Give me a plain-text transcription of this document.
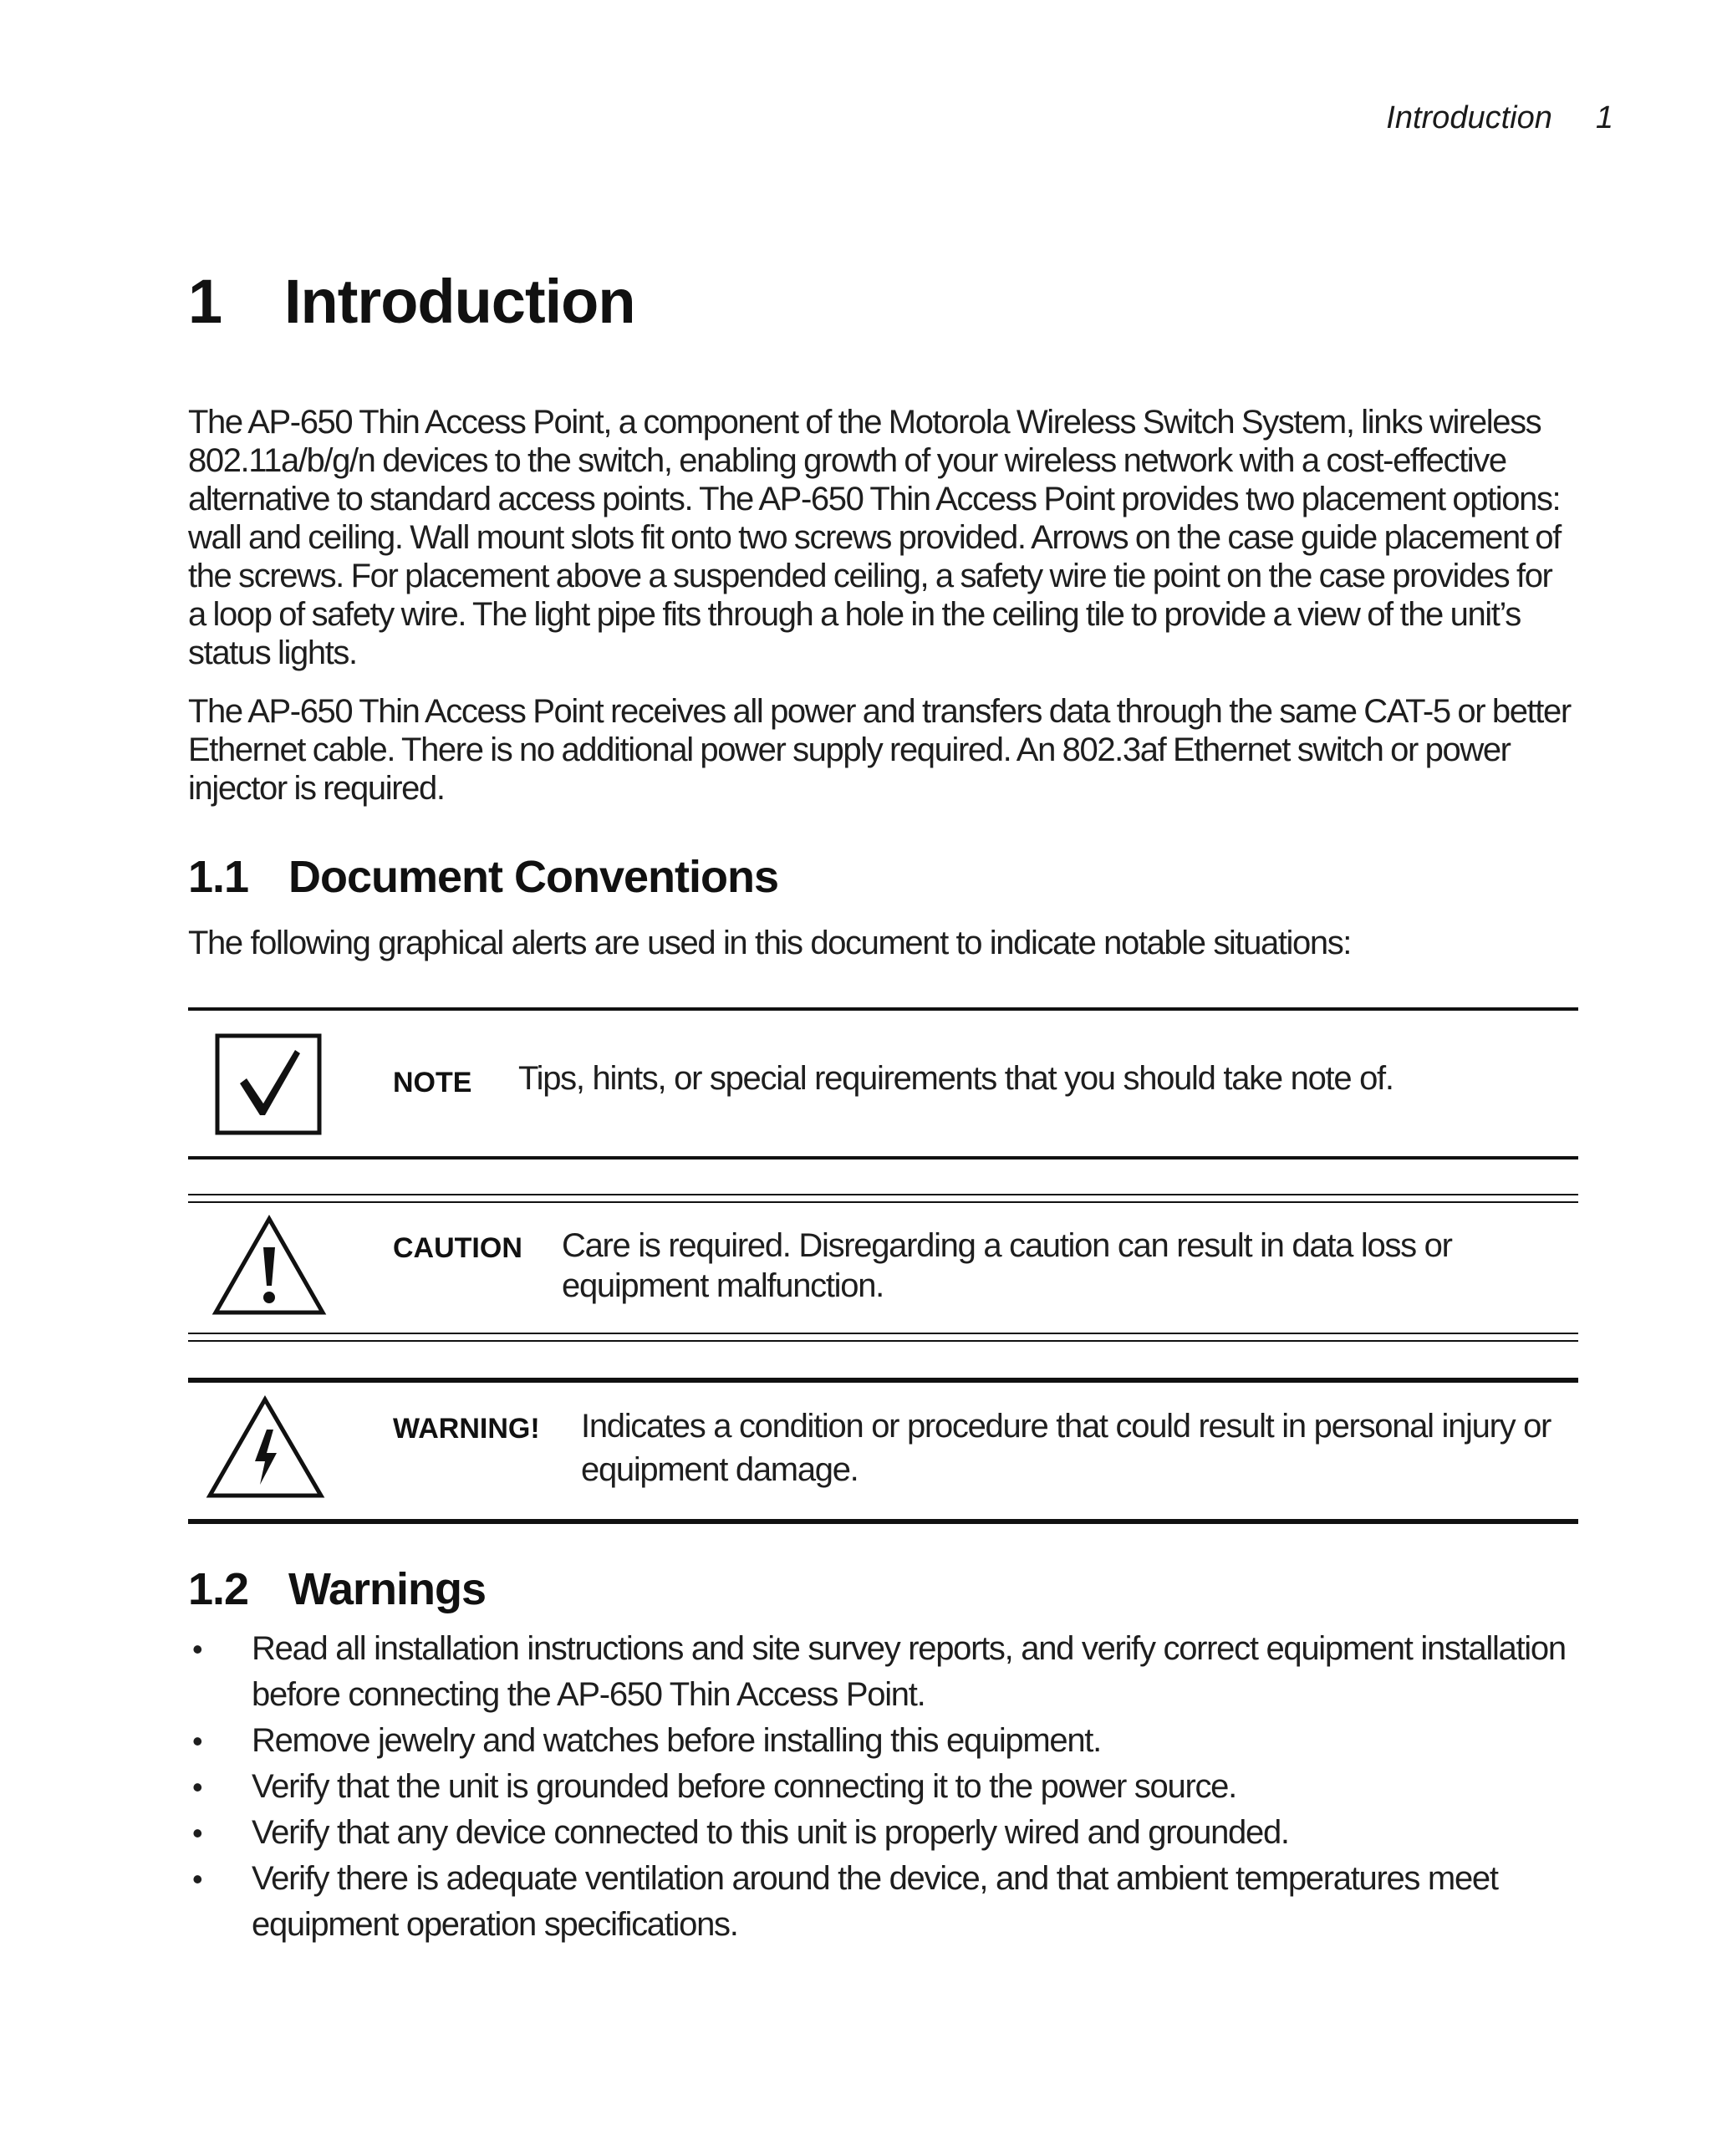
Introduction 1
1 Introduction

The AP-650 Thin Access Point, a component of the Motorola Wireless Switch System, links wireless 802.11a/b/g/n devices to the switch, enabling growth of your wireless network with a cost-effective alternative to standard access points. The AP-650 Thin Access Point provides two placement options: wall and ceiling. Wall mount slots fit onto two screws provided. Arrows on the case guide placement of the screws. For placement above a suspended ceiling, a safety wire tie point on the case provides for a loop of safety wire. The light pipe fits through a hole in the ceiling tile to provide a view of the unit’s status lights.

The AP-650 Thin Access Point receives all power and transfers data through the same CAT-5 or better Ethernet cable. There is no additional power supply required. An 802.3af Ethernet switch or power injector is required.

1.1 Document Conventions

The following graphical alerts are used in this document to indicate notable situations:

NOTE Tips, hints, or special requirements that you should take note of.
CAUTION Care is required. Disregarding a caution can result in data loss or equipment malfunction.
WARNING! Indicates a condition or procedure that could result in personal injury or equipment damage.
1.2 Warnings
• Read all installation instructions and site survey reports, and verify correct equipment installation before connecting the AP-650 Thin Access Point.
• Remove jewelry and watches before installing this equipment.
• Verify that the unit is grounded before connecting it to the power source.
• Verify that any device connected to this unit is properly wired and grounded.
• Verify there is adequate ventilation around the device, and that ambient temperatures meet equipment operation specifications.
